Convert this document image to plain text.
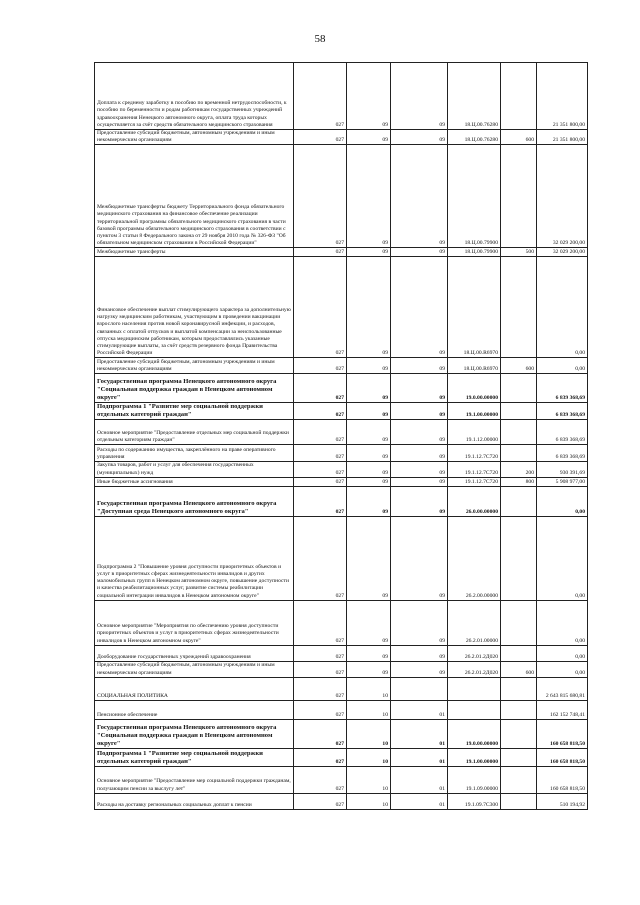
58
Доплата к среднему заработку в пособию по временной нетрудоспособности, к пособию по беременности и родам работникам государственных учреждений здравоохранения Ненецкого автономного округа, оплата труда которых осуществляется за счёт средств обязательного медицинского страхования	027	09	09	18.Ц.00.76280		21 351 800,00
Предоставление субсидий бюджетным, автономным учреждениям и иным некоммерческим организациям	027	09	09	18.Ц.00.76280	600	21 351 800,00
Межбюджетные трансферты бюджету Территориального фонда обязательного медицинского страхования на финансовое обеспечение реализации территориальной программы обязательного медицинского страхования в части базовой программы обязательного медицинского страхования в соответствии с пунктом 3 статьи 8 Федерального закона от 29 ноября 2010 года № 326-ФЗ "Об обязательном медицинском страховании в Российской Федерации"	027	09	09	18.Ц.00.79900		32 029 200,00
Межбюджетные трансферты	027	09	09	18.Ц.00.79900	500	32 029 200,00
Финансовое обеспечение выплат стимулирующего характера за дополнительную нагрузку медицинским работникам, участвующим в проведении вакцинации взрослого населения против новой коронавирусной инфекции, и расходов, связанных с оплатой отпусков и выплатой компенсации за неиспользованные отпуска медицинским работникам, которым предоставлялись указанные стимулирующие выплаты, за счёт средств резервного фонда Правительства Российской Федерации	027	09	09	18.Ц.00.R6970		0,00
Предоставление субсидий бюджетным, автономным учреждениям и иным некоммерческим организациям	027	09	09	18.Ц.00.R6970	600	0,00
Государственная программа Ненецкого автономного округа "Социальная поддержка граждан в Ненецком автономном округе"	027	09	09	19.0.00.00000		6 839 368,69
Подпрограмма 1 "Развитие мер социальной поддержки отдельных категорий граждан"	027	09	09	19.1.00.00000		6 839 368,69
Основное мероприятие "Предоставление отдельных мер социальной поддержки отдельным категориям граждан"	027	09	09	19.1.12.00000		6 839 368,69
Расходы по содержанию имущества, закреплённого на праве оперативного управления	027	09	09	19.1.12.7С720		6 839 368,69
Закупка товаров, работ и услуг для обеспечения государственных (муниципальных) нужд	027	09	09	19.1.12.7С720	200	930 391,69
Иные бюджетные ассигнования	027	09	09	19.1.12.7С720	800	5 908 977,00
Государственная программа Ненецкого автономного округа "Доступная среда Ненецкого автономного округа"	027	09	09	26.0.00.00000		0,00
Подпрограмма 2 "Повышение уровня доступности приоритетных объектов и услуг в приоритетных сферах жизнедеятельности инвалидов и других маломобильных групп в Ненецком автономном округе, повышение доступности и качества реабилитационных услуг, развитие системы реабилитации социальной интеграции инвалидов в Ненецком автономном округе"	027	09	09	26.2.00.00000		0,00
Основное мероприятие "Мероприятия по обеспечению уровня доступности приоритетных объектов и услуг в приоритетных сферах жизнедеятельности инвалидов в Ненецком автономном округе"	027	09	09	26.2.01.00000		0,00
Дооборудование государственных учреждений здравоохранения	027	09	09	26.2.01.2Д020		0,00
Предоставление субсидий бюджетным, автономным учреждениям и иным некоммерческим организациям	027	09	09	26.2.01.2Д020	600	0,00
СОЦИАЛЬНАЯ ПОЛИТИКА	027	10				2 643 815 680,81
Пенсионное обеспечение	027	10	01			162 152 748,41
Государственная программа Ненецкого автономного округа "Социальная поддержка граждан в Ненецком автономном округе"	027	10	01	19.0.00.00000		160 658 818,50
Подпрограмма 1 "Развитие мер социальной поддержки отдельных категорий граждан"	027	10	01	19.1.00.00000		160 658 818,50
Основное мероприятие "Предоставление мер социальной поддержки гражданам, получающим пенсии за выслугу лет"	027	10	01	19.1.09.00000		160 658 818,50
Расходы на доставку региональных социальных доплат к пенсии	027	10	01	19.1.09.7С300		510 194,92
